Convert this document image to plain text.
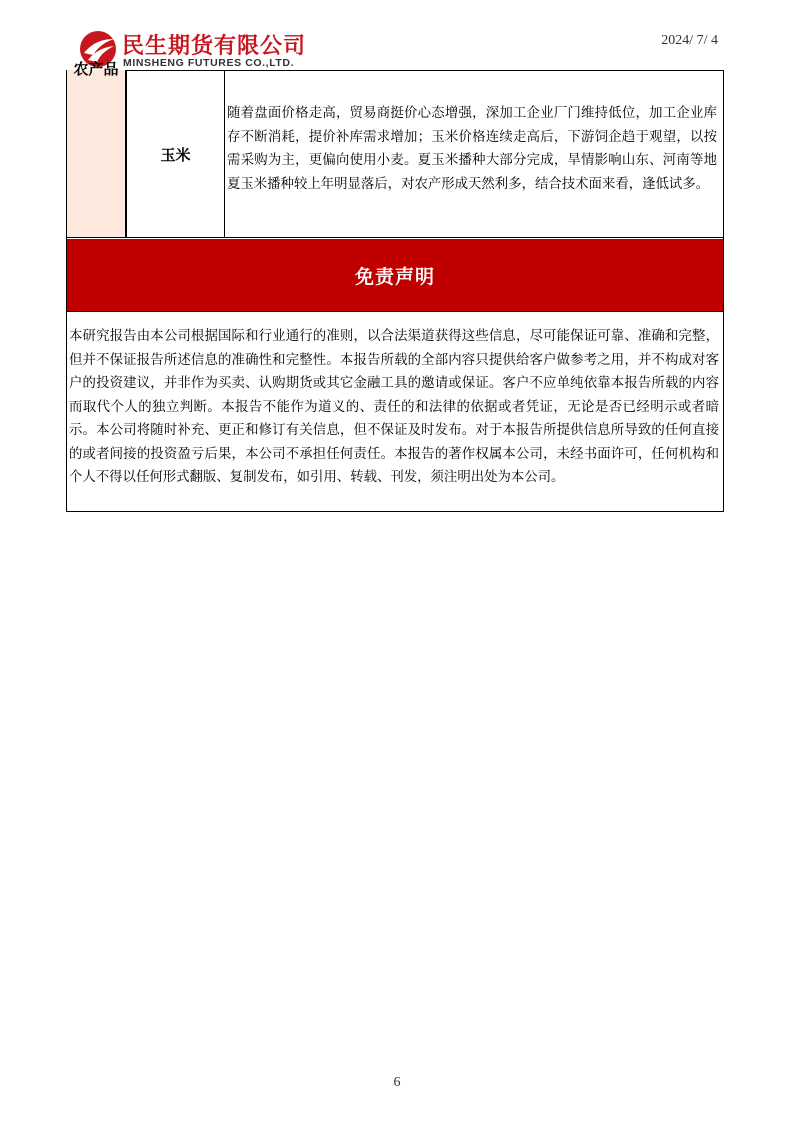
民生期货有限公司
MINSHENG FUTURES CO.,LTD.
2024/ 7/ 4
农产品
玉米
随着盘面价格走高，贸易商挺价心态增强，深加工企业厂门维持低位，加工企业库存不断消耗，提价补库需求增加；玉米价格连续走高后，下游饲企趋于观望，以按需采购为主，更偏向使用小麦。夏玉米播种大部分完成，旱情影响山东、河南等地夏玉米播种较上年明显落后，对农产形成天然利多，结合技术面来看，逢低试多。
免责声明
本研究报告由本公司根据国际和行业通行的准则，以合法渠道获得这些信息，尽可能保证可靠、准确和完整，但并不保证报告所述信息的准确性和完整性。本报告所载的全部内容只提供给客户做参考之用，并不构成对客户的投资建议，并非作为买卖、认购期货或其它金融工具的邀请或保证。客户不应单纯依靠本报告所载的内容而取代个人的独立判断。本报告不能作为道义的、责任的和法律的依据或者凭证，无论是否已经明示或者暗示。本公司将随时补充、更正和修订有关信息，但不保证及时发布。对于本报告所提供信息所导致的任何直接的或者间接的投资盈亏后果，本公司不承担任何责任。本报告的著作权属本公司，未经书面许可，任何机构和个人不得以任何形式翻版、复制发布，如引用、转载、刊发，须注明出处为本公司。
6
